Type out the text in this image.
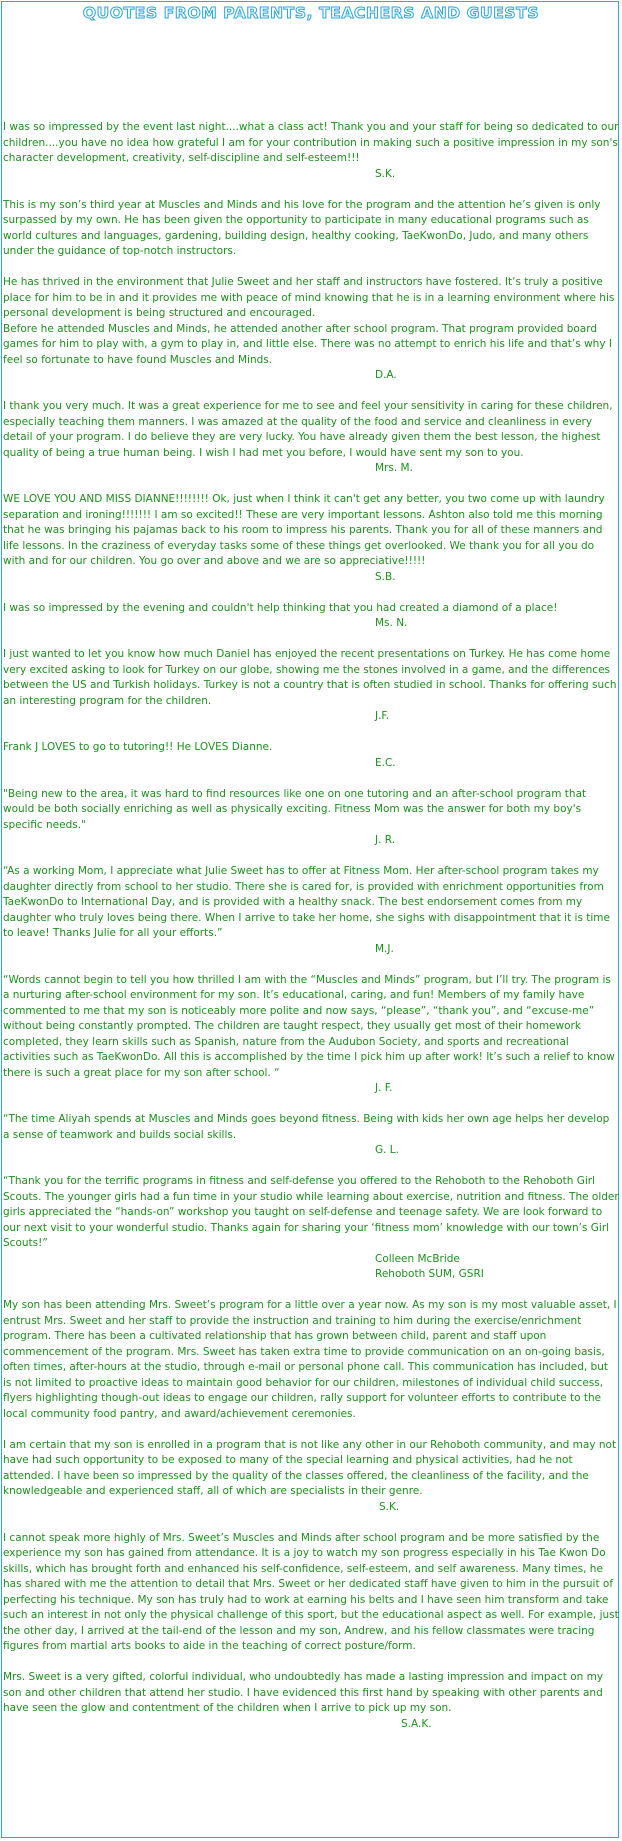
QUOTES FROM PARENTS, TEACHERS AND GUESTS

I was so impressed by the event last night....what a class act! Thank you and your staff for being so dedicated to our children....you have no idea how grateful I am for your contribution in making such a positive impression in my son's character development, creativity, self-discipline and self-esteem!!!

S.K.

This is my son’s third year at Muscles and Minds and his love for the program and the attention he’s given is only surpassed by my own. He has been given the opportunity to participate in many educational programs such as world cultures and languages, gardening, building design, healthy cooking, TaeKwonDo, Judo, and many others under the guidance of top-notch instructors.

He has thrived in the environment that Julie Sweet and her staff and instructors have fostered. It’s truly a positive place for him to be in and it provides me with peace of mind knowing that he is in a learning environment where his personal development is being structured and encouraged.

Before he attended Muscles and Minds, he attended another after school program. That program provided board games for him to play with, a gym to play in, and little else. There was no attempt to enrich his life and that’s why I feel so fortunate to have found Muscles and Minds.

D.A.

I thank you very much. It was a great experience for me to see and feel your sensitivity in caring for these children, especially teaching them manners. I was amazed at the quality of the food and service and cleanliness in every detail of your program. I do believe they are very lucky. You have already given them the best lesson, the highest quality of being a true human being. I wish I had met you before, I would have sent my son to you.

Mrs. M.

WE LOVE YOU AND MISS DIANNE!!!!!!!! Ok, just when I think it can't get any better, you two come up with laundry separation and ironing!!!!!!! I am so excited!! These are very important lessons. Ashton also told me this morning that he was bringing his pajamas back to his room to impress his parents. Thank you for all of these manners and life lessons. In the craziness of everyday tasks some of these things get overlooked. We thank you for all you do with and for our children. You go over and above and we are so appreciative!!!!!

S.B.

I was so impressed by the evening and couldn't help thinking that you had created a diamond of a place!

Ms. N.

I just wanted to let you know how much Daniel has enjoyed the recent presentations on Turkey. He has come home very excited asking to look for Turkey on our globe, showing me the stones involved in a game, and the differences between the US and Turkish holidays. Turkey is not a country that is often studied in school. Thanks for offering such an interesting program for the children.

J.F.

Frank J LOVES to go to tutoring!! He LOVES Dianne.

E.C.

"Being new to the area, it was hard to find resources like one on one tutoring and an after-school program that would be both socially enriching as well as physically exciting. Fitness Mom was the answer for both my boy's specific needs."

J. R.

“As a working Mom, I appreciate what Julie Sweet has to offer at Fitness Mom. Her after-school program takes my daughter directly from school to her studio. There she is cared for, is provided with enrichment opportunities from TaeKwonDo to International Day, and is provided with a healthy snack. The best endorsement comes from my daughter who truly loves being there. When I arrive to take her home, she sighs with disappointment that it is time to leave! Thanks Julie for all your efforts.”

M.J.

“Words cannot begin to tell you how thrilled I am with the “Muscles and Minds” program, but I’ll try. The program is a nurturing after-school environment for my son. It’s educational, caring, and fun! Members of my family have commented to me that my son is noticeably more polite and now says, “please”, “thank you”, and “excuse-me” without being constantly prompted. The children are taught respect, they usually get most of their homework completed, they learn skills such as Spanish, nature from the Audubon Society, and sports and recreational activities such as TaeKwonDo. All this is accomplished by the time I pick him up after work! It’s such a relief to know there is such a great place for my son after school. “

J. F.

“The time Aliyah spends at Muscles and Minds goes beyond fitness. Being with kids her own age helps her develop a sense of teamwork and builds social skills.

G. L.

“Thank you for the terrific programs in fitness and self-defense you offered to the Rehoboth to the Rehoboth Girl Scouts. The younger girls had a fun time in your studio while learning about exercise, nutrition and fitness. The older girls appreciated the “hands-on” workshop you taught on self-defense and teenage safety. We are look forward to our next visit to your wonderful studio. Thanks again for sharing your ‘fitness mom’ knowledge with our town’s Girl Scouts!”

Colleen McBride
Rehoboth SUM, GSRI

My son has been attending Mrs. Sweet’s program for a little over a year now. As my son is my most valuable asset, I entrust Mrs. Sweet and her staff to provide the instruction and training to him during the exercise/enrichment program. There has been a cultivated relationship that has grown between child, parent and staff upon commencement of the program. Mrs. Sweet has taken extra time to provide communication on an on-going basis, often times, after-hours at the studio, through e-mail or personal phone call. This communication has included, but is not limited to proactive ideas to maintain good behavior for our children, milestones of individual child success, flyers highlighting though-out ideas to engage our children, rally support for volunteer efforts to contribute to the local community food pantry, and award/achievement ceremonies.

I am certain that my son is enrolled in a program that is not like any other in our Rehoboth community, and may not have had such opportunity to be exposed to many of the special learning and physical activities, had he not attended. I have been so impressed by the quality of the classes offered, the cleanliness of the facility, and the knowledgeable and experienced staff, all of which are specialists in their genre.

S.K.

I cannot speak more highly of Mrs. Sweet’s Muscles and Minds after school program and be more satisfied by the experience my son has gained from attendance. It is a joy to watch my son progress especially in his Tae Kwon Do skills, which has brought forth and enhanced his self-confidence, self-esteem, and self awareness. Many times, he has shared with me the attention to detail that Mrs. Sweet or her dedicated staff have given to him in the pursuit of perfecting his technique. My son has truly had to work at earning his belts and I have seen him transform and take such an interest in not only the physical challenge of this sport, but the educational aspect as well. For example, just the other day, I arrived at the tail-end of the lesson and my son, Andrew, and his fellow classmates were tracing figures from martial arts books to aide in the teaching of correct posture/form.

Mrs. Sweet is a very gifted, colorful individual, who undoubtedly has made a lasting impression and impact on my son and other children that attend her studio. I have evidenced this first hand by speaking with other parents and have seen the glow and contentment of the children when I arrive to pick up my son.

S.A.K.
